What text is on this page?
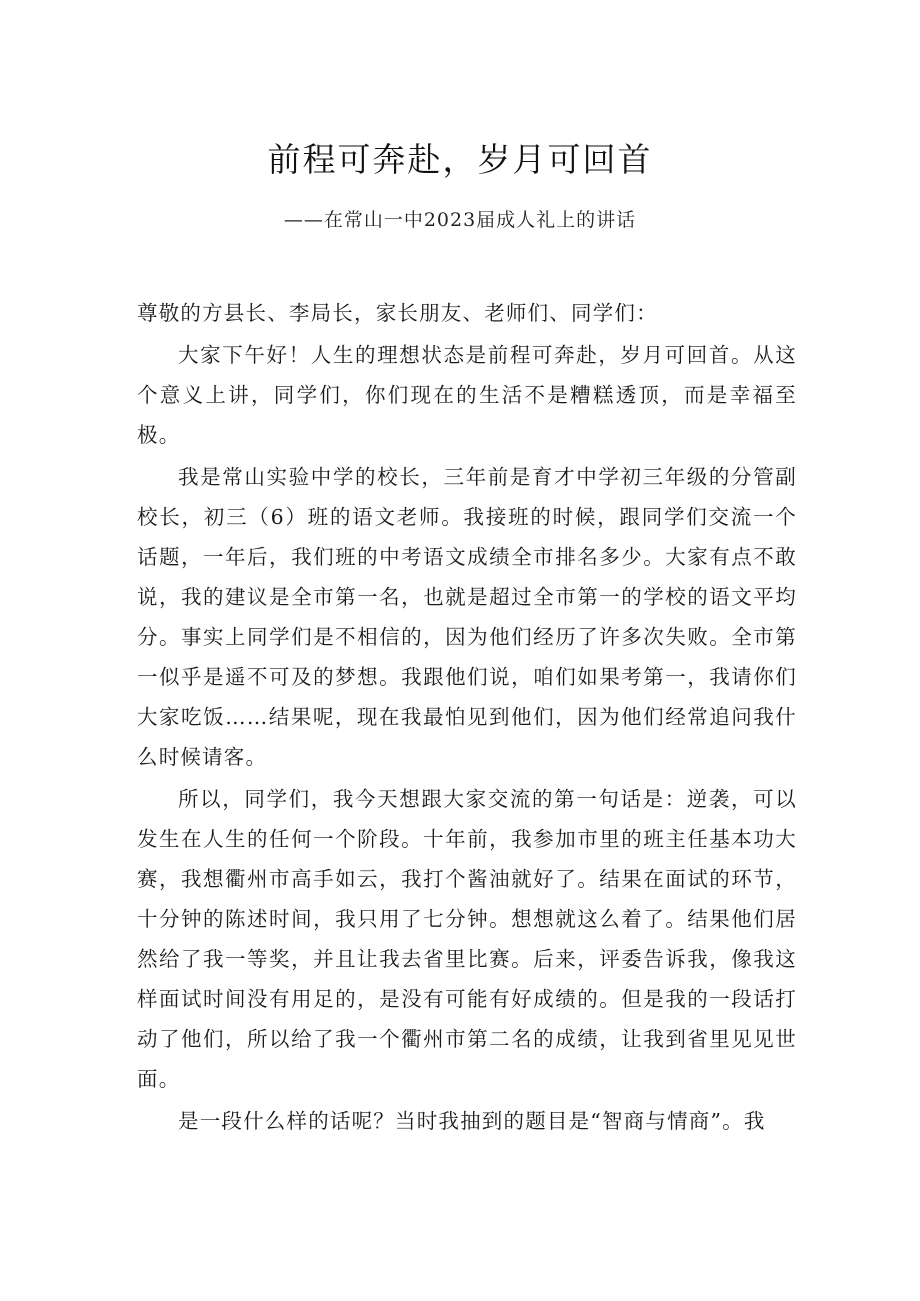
前程可奔赴，岁月可回首
——在常山一中2023届成人礼上的讲话

尊敬的方县长、李局长，家长朋友、老师们、同学们：

大家下午好！人生的理想状态是前程可奔赴，岁月可回首。从这个意义上讲，同学们，你们现在的生活不是糟糕透顶，而是幸福至极。

我是常山实验中学的校长，三年前是育才中学初三年级的分管副校长，初三（6）班的语文老师。我接班的时候，跟同学们交流一个话题，一年后，我们班的中考语文成绩全市排名多少。大家有点不敢说，我的建议是全市第一名，也就是超过全市第一的学校的语文平均分。事实上同学们是不相信的，因为他们经历了许多次失败。全市第一似乎是遥不可及的梦想。我跟他们说，咱们如果考第一，我请你们大家吃饭……结果呢，现在我最怕见到他们，因为他们经常追问我什么时候请客。

所以，同学们，我今天想跟大家交流的第一句话是：逆袭，可以发生在人生的任何一个阶段。十年前，我参加市里的班主任基本功大赛，我想衢州市高手如云，我打个酱油就好了。结果在面试的环节，十分钟的陈述时间，我只用了七分钟。想想就这么着了。结果他们居然给了我一等奖，并且让我去省里比赛。后来，评委告诉我，像我这样面试时间没有用足的，是没有可能有好成绩的。但是我的一段话打动了他们，所以给了我一个衢州市第二名的成绩，让我到省里见见世面。

是一段什么样的话呢？当时我抽到的题目是“智商与情商”。我
